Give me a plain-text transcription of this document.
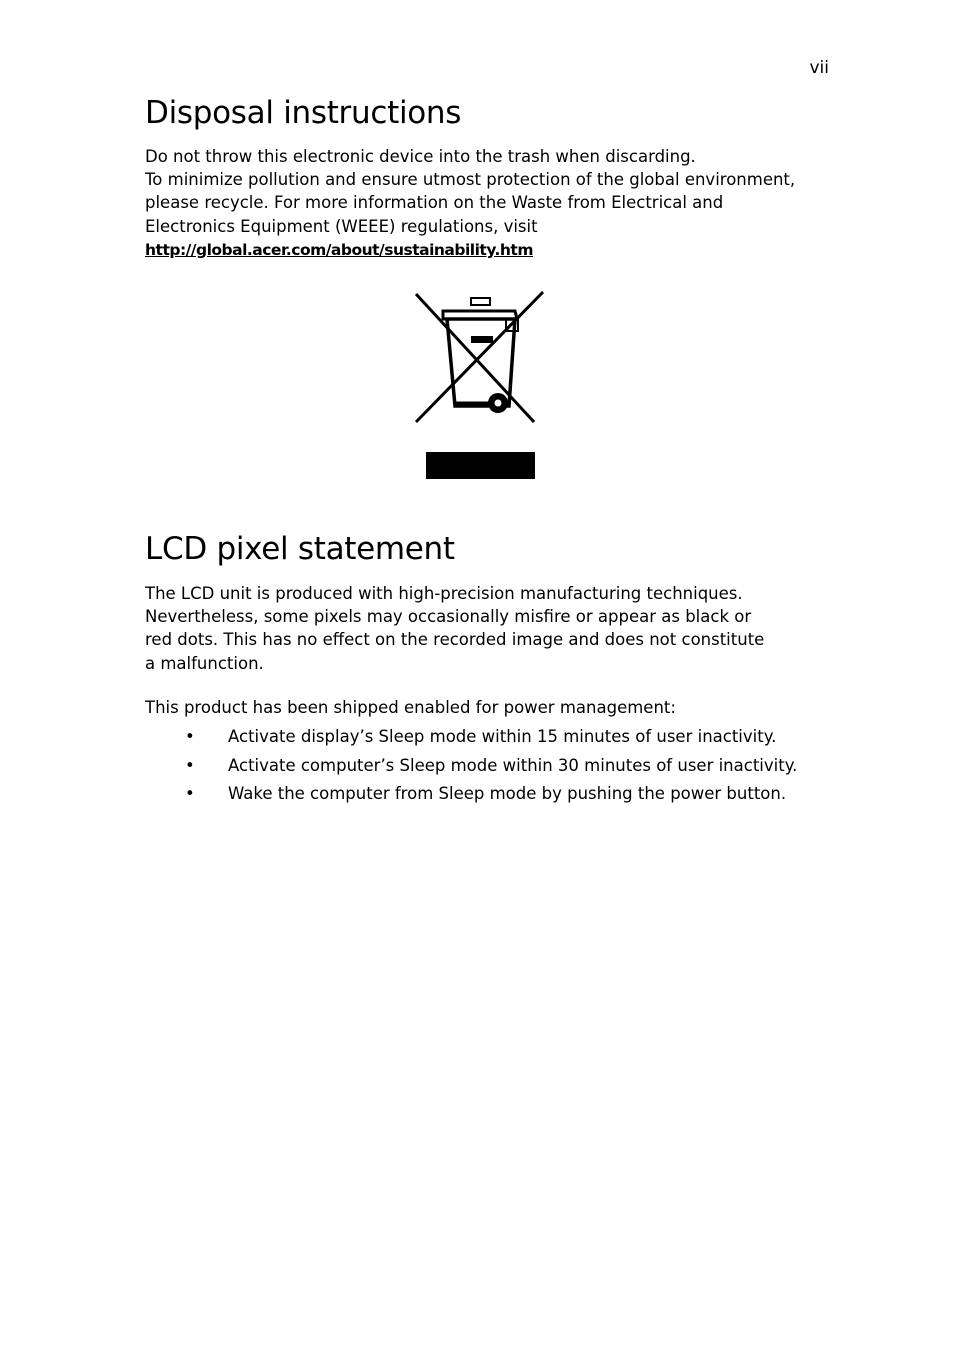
vii
Disposal instructions

Do not throw this electronic device into the trash when discarding.

To minimize pollution and ensure utmost protection of the global environment,

please recycle. For more information on the Waste from Electrical and

Electronics Equipment (WEEE) regulations, visit

http://global.acer.com/about/sustainability.htm

LCD pixel statement

The LCD unit is produced with high-precision manufacturing techniques.

Nevertheless, some pixels may occasionally misfire or appear as black or

red dots. This has no effect on the recorded image and does not constitute

a malfunction.

This product has been shipped enabled for power management:

• Activate display’s Sleep mode within 15 minutes of user inactivity.
• Activate computer’s Sleep mode within 30 minutes of user inactivity.
• Wake the computer from Sleep mode by pushing the power button.
